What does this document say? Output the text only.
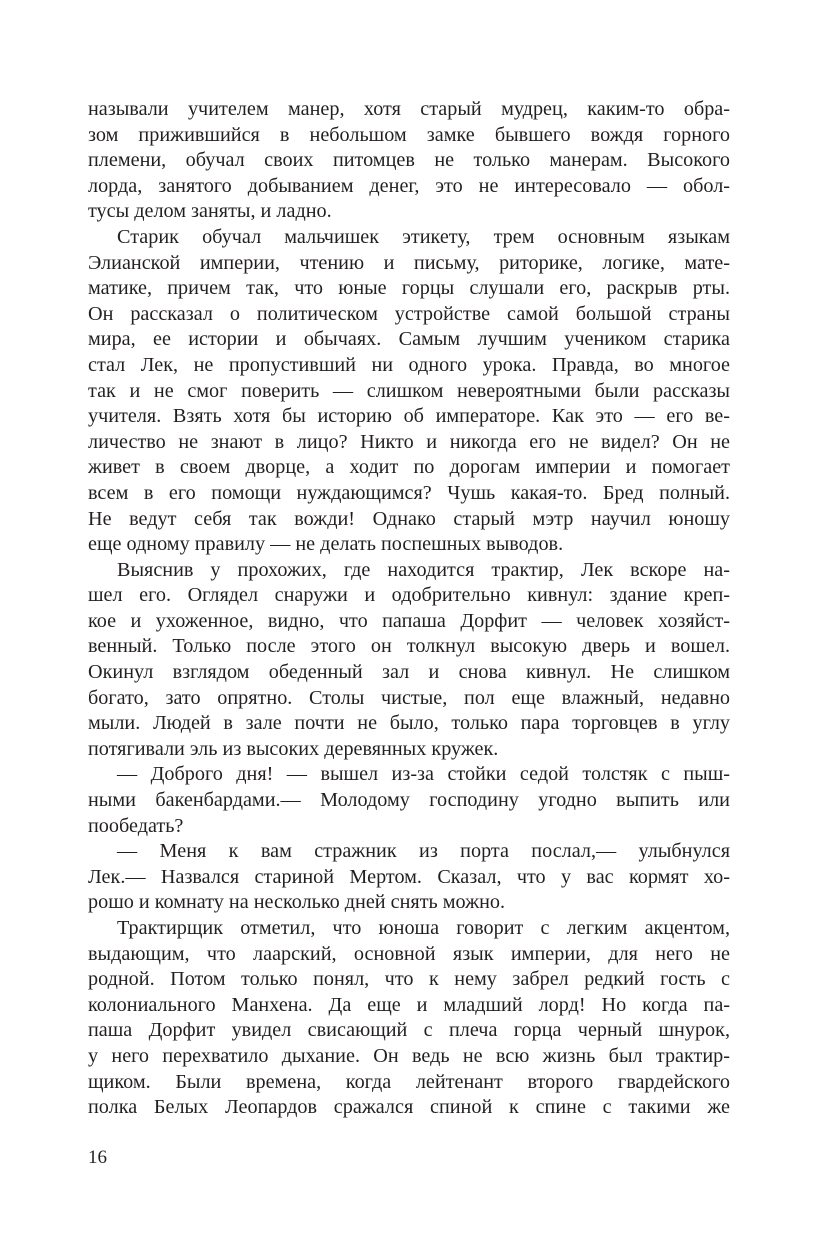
называли учителем манер, хотя старый мудрец, каким-то обра-
зом прижившийся в небольшом замке бывшего вождя горного
племени, обучал своих питомцев не только манерам. Высокого
лорда, занятого добыванием денег, это не интересовало — обол-
тусы делом заняты, и ладно.
Старик обучал мальчишек этикету, трем основным языкам
Элианской империи, чтению и письму, риторике, логике, мате-
матике, причем так, что юные горцы слушали его, раскрыв рты.
Он рассказал о политическом устройстве самой большой страны
мира, ее истории и обычаях. Самым лучшим учеником старика
стал Лек, не пропустивший ни одного урока. Правда, во многое
так и не смог поверить — слишком невероятными были рассказы
учителя. Взять хотя бы историю об императоре. Как это — его ве-
личество не знают в лицо? Никто и никогда его не видел? Он не
живет в своем дворце, а ходит по дорогам империи и помогает
всем в его помощи нуждающимся? Чушь какая-то. Бред полный.
Не ведут себя так вожди! Однако старый мэтр научил юношу
еще одному правилу — не делать поспешных выводов.
Выяснив у прохожих, где находится трактир, Лек вскоре на-
шел его. Оглядел снаружи и одобрительно кивнул: здание креп-
кое и ухоженное, видно, что папаша Дорфит — человек хозяйст-
венный. Только после этого он толкнул высокую дверь и вошел.
Окинул взглядом обеденный зал и снова кивнул. Не слишком
богато, зато опрятно. Столы чистые, пол еще влажный, недавно
мыли. Людей в зале почти не было, только пара торговцев в углу
потягивали эль из высоких деревянных кружек.
— Доброго дня! — вышел из-за стойки седой толстяк с пыш-
ными бакенбардами.— Молодому господину угодно выпить или
пообедать?
— Меня к вам стражник из порта послал,— улыбнулся
Лек.— Назвался стариной Мертом. Сказал, что у вас кормят хо-
рошо и комнату на несколько дней снять можно.
Трактирщик отметил, что юноша говорит с легким акцентом,
выдающим, что лаарский, основной язык империи, для него не
родной. Потом только понял, что к нему забрел редкий гость с
колониального Манхена. Да еще и младший лорд! Но когда па-
паша Дорфит увидел свисающий с плеча горца черный шнурок,
у него перехватило дыхание. Он ведь не всю жизнь был трактир-
щиком. Были времена, когда лейтенант второго гвардейского
полка Белых Леопардов сражался спиной к спине с такими же
16
